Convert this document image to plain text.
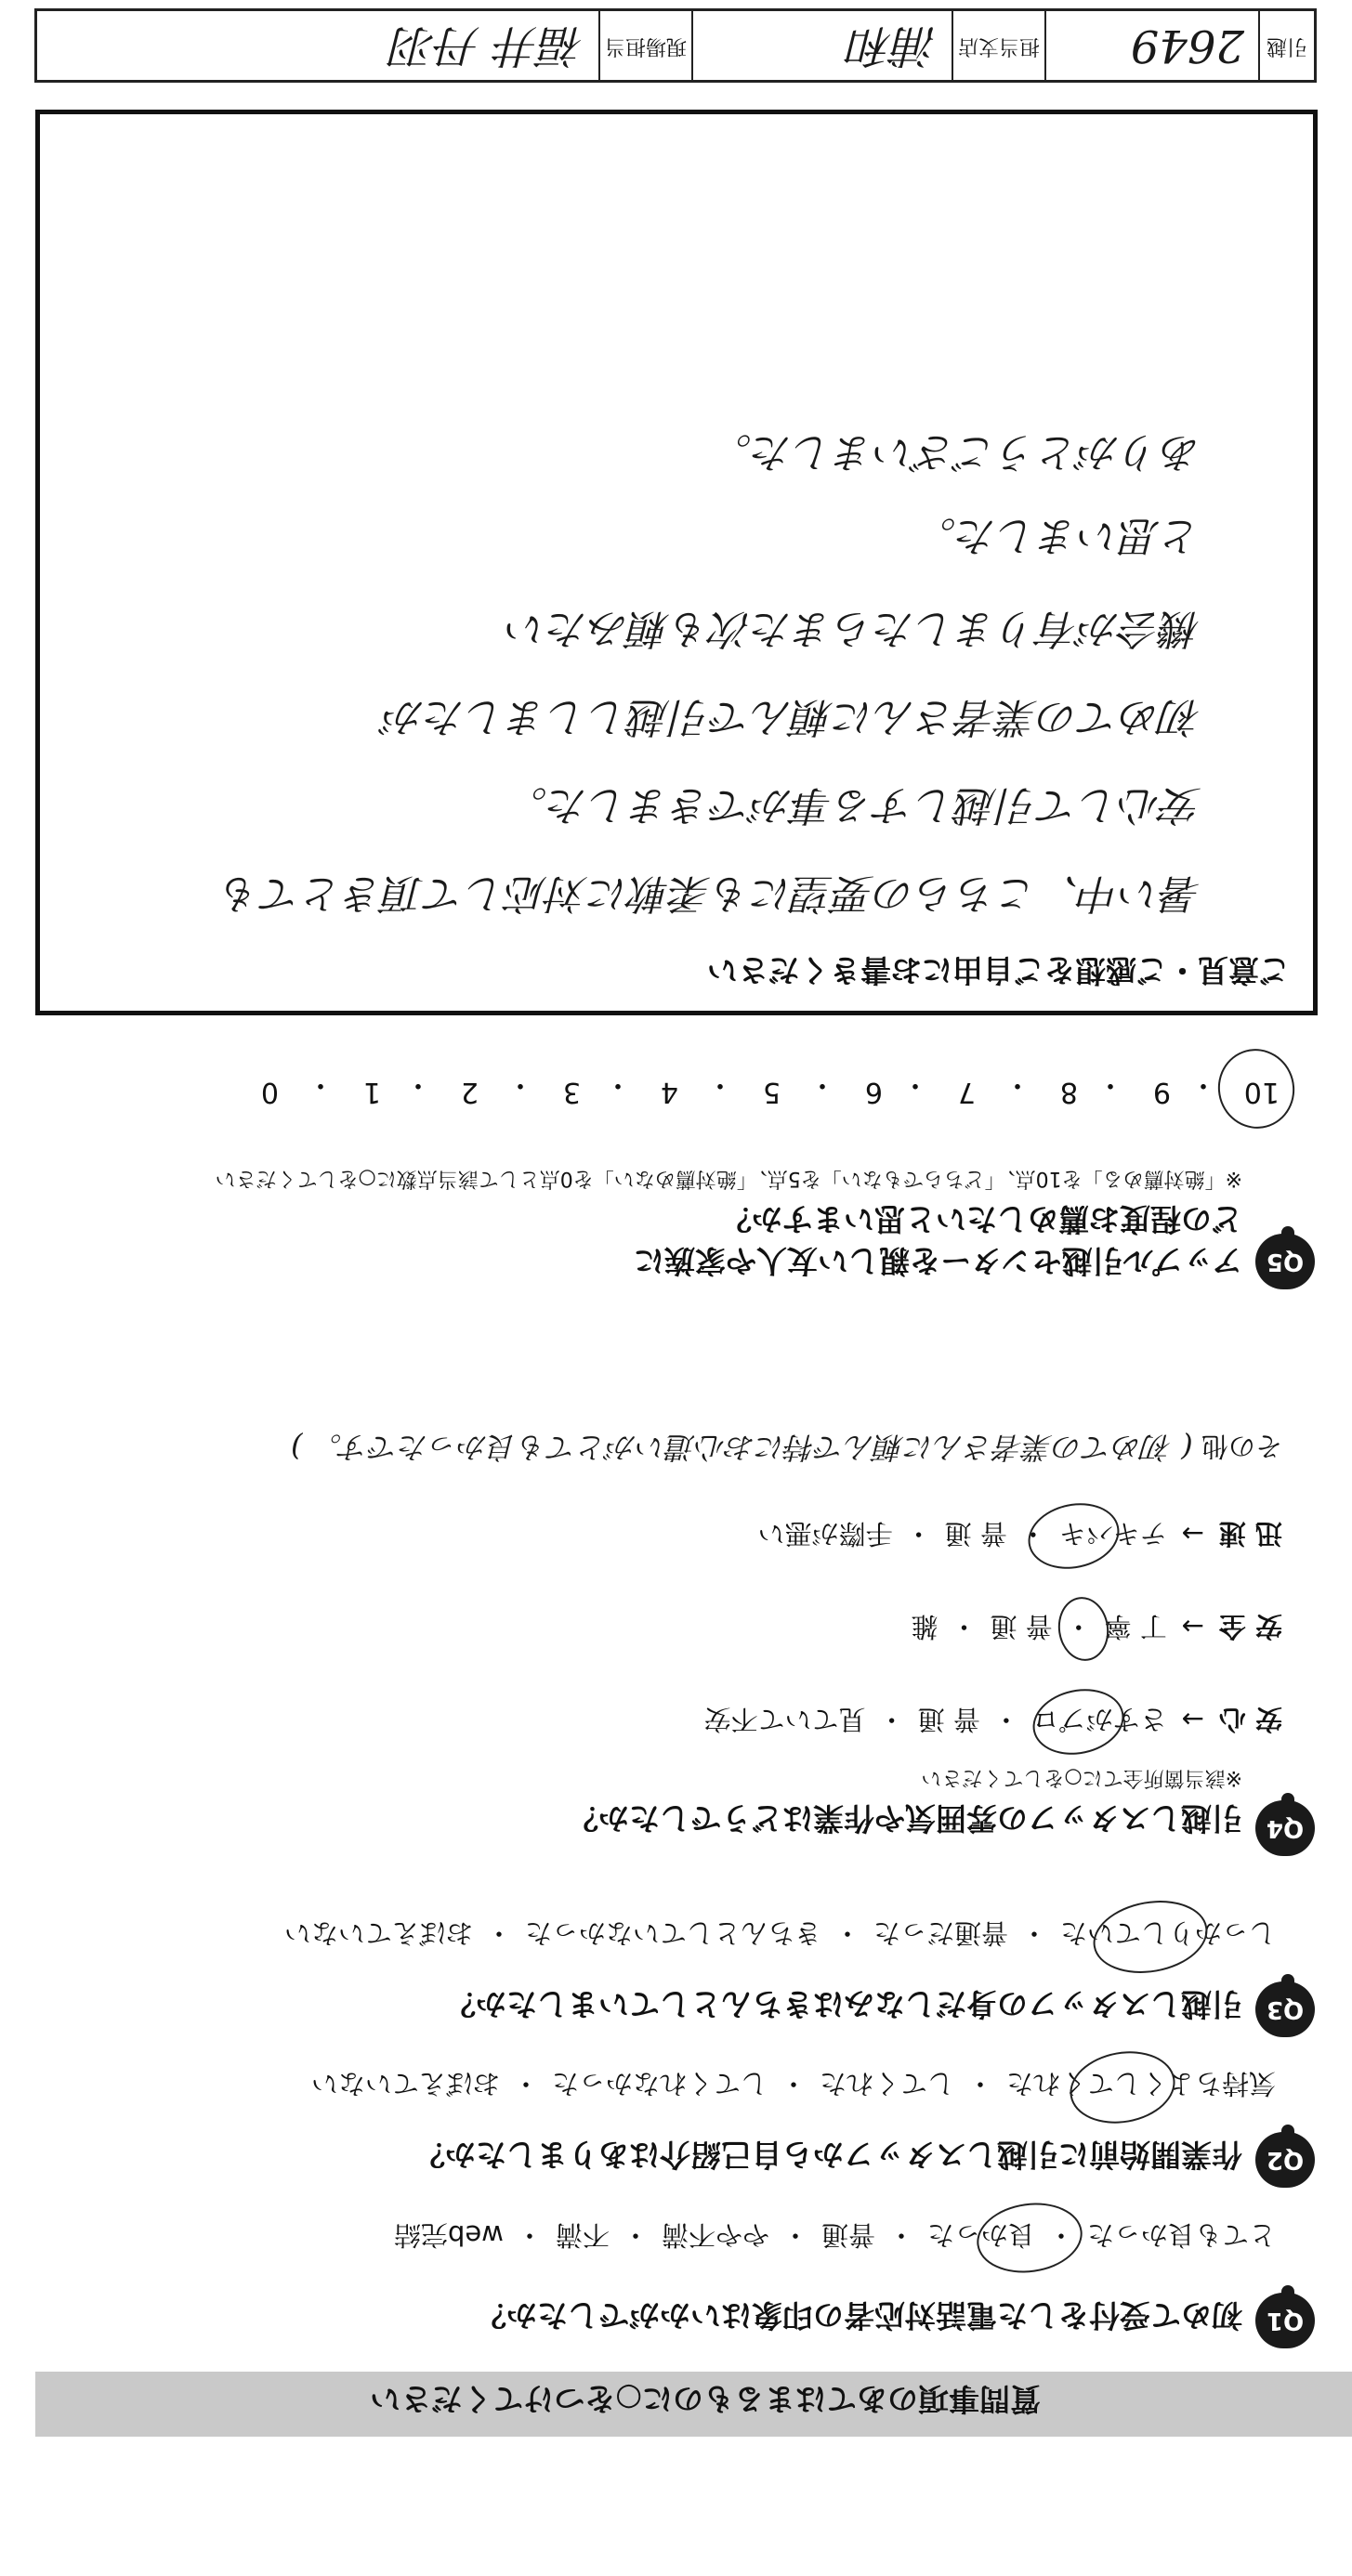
質問事項のあてはまるものに○をつけてください
Q1
初めて受付をした電話対応者の印象はいかがでしたか？
とても良かった・良かった・普通・やや不満・不満・web完結
Q2
作業開始前に引越しスタッフから自己紹介はありましたか？
気持ちよくしてくれた・してくれた・してくれなかった・おぼえていない
Q3
引越しスタッフの身だしなみはきちんとしていましたか？
しっかりしていた・普通だった・きちんとしていなかった・おぼえていない
Q4
引越しスタッフの雰囲気や作業はどうでしたか？
※該当箇所全てに○をしてください
安 心→さすがプロ・普 通・見ていて不安
安 全→丁 寧・普 通・雑
迅 速→テキパキ・普 通・手際が悪い
その他 ( 初めての業者さんに頼んで特にお心遣いがとても良かったです。 )
Q5
アップル引越センターを親しい友人や家族に
どの程度お薦めしたいと思いますか？
※「絶対薦める」を10点、「どちらでもない」を5点、「絶対薦めない」を0点として該当点数に○をしてください
10
・
9
・
8
・
7
・
6
・
5
・
4
・
3
・
2
・
1
・
0
ご意見・ご感想をご自由にお書きください
暑い中、こちらの要望にも柔軟に対応して頂きとても
安心して引越しする事ができました。
初めての業者さんに頼んで引越ししましたが
機会が有りましたらまた次も頼みたい
と思いました。
ありがとうございました。
引越
2649
担当支店
浦和
現場担当
福井 丹羽
